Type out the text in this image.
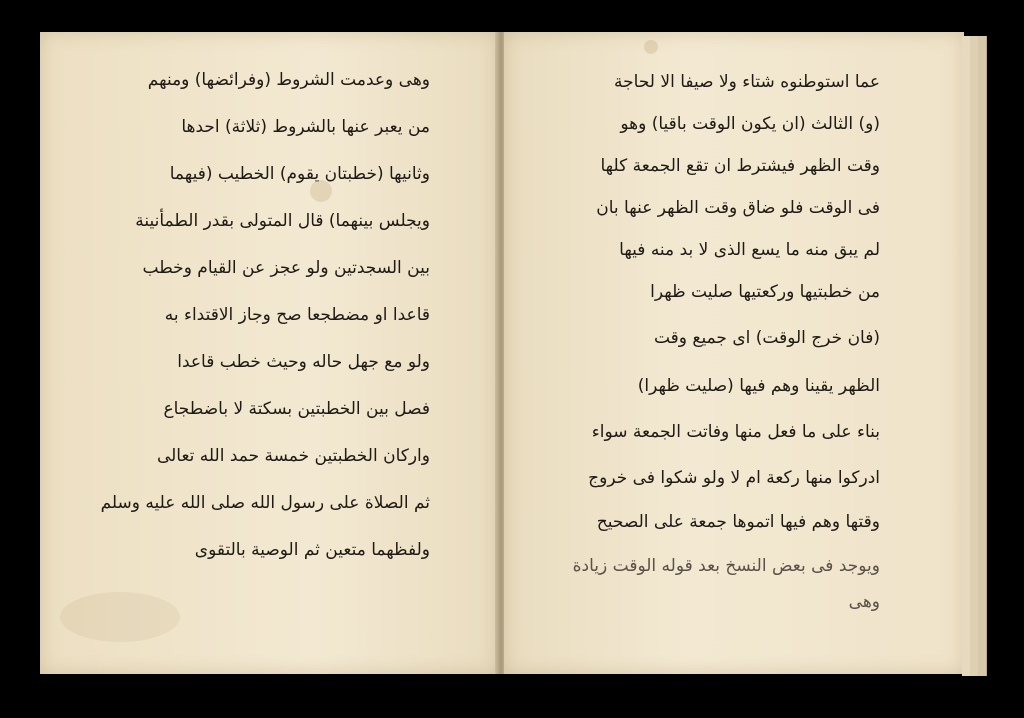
وهى وعدمت الشروط (وفرائضها) ومنهم
من يعبر عنها بالشروط (ثلاثة) احدها
وثانيها (خطبتان يقوم) الخطيب (فيهما
ويجلس بينهما) قال المتولى بقدر الطمأنينة
بين السجدتين ولو عجز عن القيام وخطب
قاعدا او مضطجعا صح وجاز الاقتداء به
ولو مع جهل حاله وحيث خطب قاعدا
فصل بين الخطبتين بسكتة لا باضطجاع
واركان الخطبتين خمسة حمد الله تعالى
ثم الصلاة على رسول الله صلى الله عليه وسلم
ولفظهما متعين ثم الوصية بالتقوى
عما استوطنوه شتاء ولا صيفا الا لحاجة
(و) الثالث (ان يكون الوقت باقيا) وهو
وقت الظهر فيشترط ان تقع الجمعة كلها
فى الوقت فلو ضاق وقت الظهر عنها بان
لم يبق منه ما يسع الذى لا بد منه فيها
من خطبتيها وركعتيها صليت ظهرا
(فان خرج الوقت) اى جميع وقت
الظهر يقينا وهم فيها (صليت ظهرا)
بناء على ما فعل منها وفاتت الجمعة سواء
ادركوا منها ركعة ام لا ولو شكوا فى خروج
وقتها وهم فيها اتموها جمعة على الصحيح
ويوجد فى بعض النسخ بعد قوله الوقت زيادة
وهى
